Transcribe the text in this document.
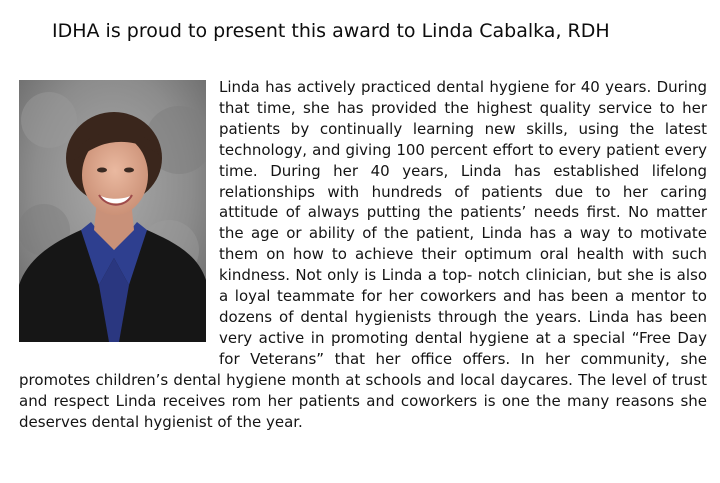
IDHA is proud to present this award to Linda Cabalka, RDH

Linda has actively practiced dental hygiene for 40 years. During that time, she has provided the highest quality service to her patients by continually learning new skills, using the latest technology, and giving 100 percent effort to every patient every time. During her 40 years, Linda has established lifelong relationships with hundreds of patients due to her caring attitude of always putting the patients’ needs first. No matter the age or ability of the patient, Linda has a way to motivate them on how to achieve their optimum oral health with such kindness. Not only is Linda a top- notch clinician, but she is also a loyal teammate for her coworkers and has been a mentor to dozens of dental hygienists through the years. Linda has been very active in promoting dental hygiene at a special “Free Day for Veterans” that her office offers. In her community, she promotes children’s dental hygiene month at schools and local daycares. The level of trust and respect Linda receives rom her patients and coworkers is one the many reasons she deserves dental hygienist of the year.
